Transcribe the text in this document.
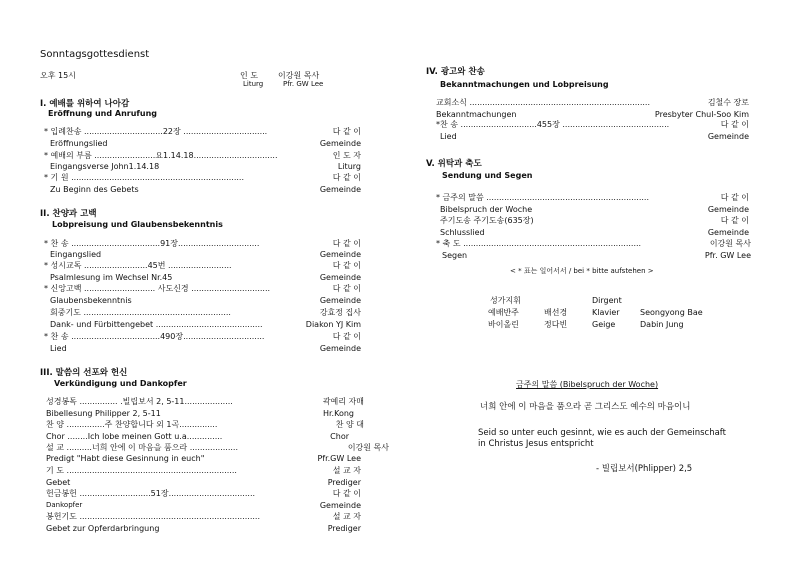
Sonntagsgottesdienst
오후 15시	인 도	이강원 목사
Liturg	Pfr. GW Lee
I. 예배를 위하여 나아감
Eröffnung und Anrufung
* 입례찬송 ...............................22장 .................................	다 같 이
Eröffnungslied	Gemeinde
* 예배의 부름 ........................요1.14.18.................................	인 도 자
Eingangsverse John1.14.18	Liturg
* 기 원 ....................................................................	다 같 이
Zu Beginn des Gebets	Gemeinde
II. 찬양과 고백
Lobpreisung und Glaubensbekenntnis
* 찬 송 ...................................91장................................	다 같 이
Eingangslied	Gemeinde
* 성시교독 .........................45번 .........................	다 같 이
Psalmlesung im Wechsel Nr.45	Gemeinde
* 신앙고백 ............................ 사도신경 ...............................	다 같 이
Glaubensbekenntnis	Gemeinde
회중기도 ..........................................................	강효정 집사
Dank- und Fürbittengebet ..........................................	Diakon YJ Kim
* 찬 송 ...................................490장................................	다 같 이
Lied	Gemeinde
III. 말씀의 선포와 헌신
Verkündigung und Dankopfer
성경봉독 ............... .빌립보서 2, 5-11...................	곽예리 자매
Bibellesung Philipper 2, 5-11	Hr.Kong
찬 양 ...............주 찬양합니다 외 1곡...............	찬 양 대
Chor ........Ich lobe meinen Gott u.a..............	Chor
설 교 ..........너희 안에 이 마음을 품으라 ...................	이강원 목사
Predigt "Habt diese Gesinnung in euch"	Pfr.GW Lee
기 도 ...................................................................	설 교 자
Gebet	Prediger
헌금봉헌 ............................51장..................................	다 같 이
Dankopfer	Gemeinde
봉헌기도 .......................................................................	설 교 자
Gebet zur Opferdarbringung	Prediger
IV. 광고와 찬송
Bekanntmachungen und Lobpreisung
교회소식 .......................................................................	김철수 장로
Bekanntmachungen	Presbyter Chul-Soo Kim
*찬 송 ..............................455장 ..........................................	다 같 이
Lied	Gemeinde
V. 위탁과 축도
Sendung und Segen
* 금주의 말씀 ................................................................	다 같 이
Bibelspruch der Woche	Gemeinde
주기도송 주기도송(635장)	다 같 이
Schlusslied	Gemeinde
* 축 도 ......................................................................	이강원 목사
Segen	Pfr. GW Lee
< * 표는 일어서서 / bei * bitte aufstehen >
성가지휘	Dirgent
예배반주	배선경	Klavier	Seongyong Bae
바이올린	정다빈	Geige	Dabin Jung
금주의 말씀 (Bibelspruch der Woche)
너희 안에 이 마음을 품으라 곧 그리스도 예수의 마음이니
Seid so unter euch gesinnt, wie es auch der Gemeinschaft
in Christus Jesus entspricht
- 빌립보서(Phlipper) 2,5
